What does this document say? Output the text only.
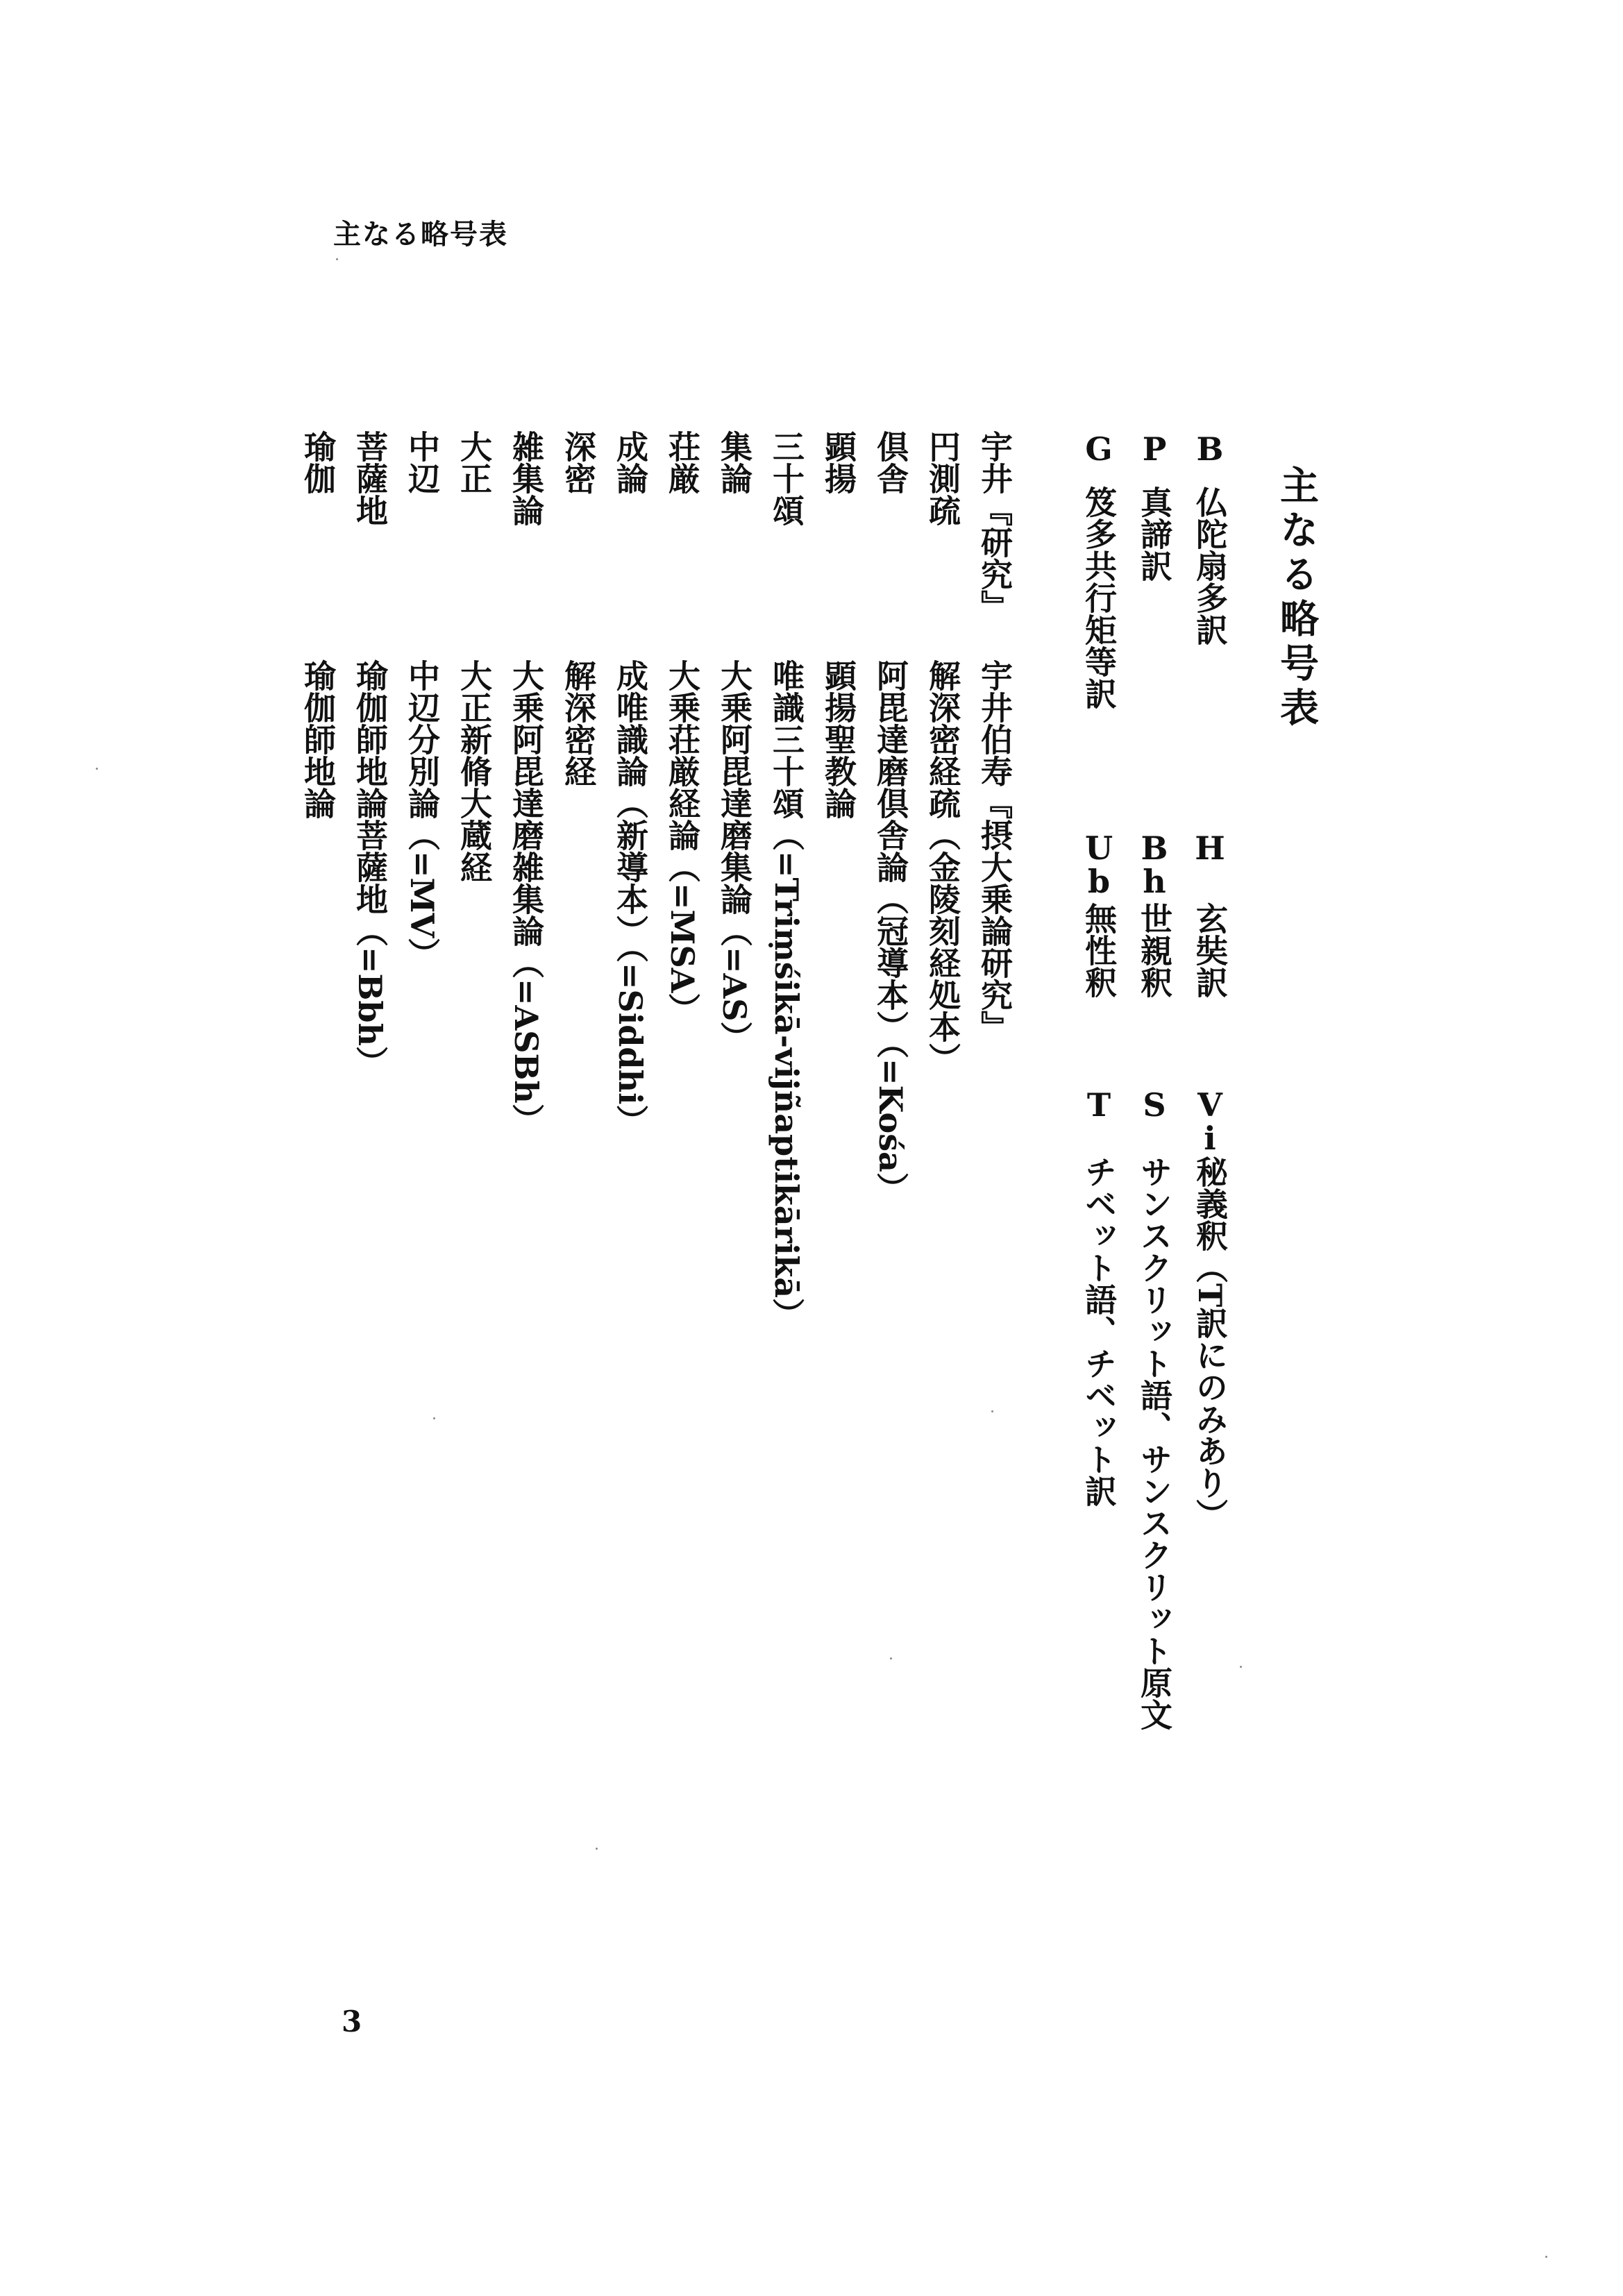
主なる略号表
主なる略号表
B
仏陀扇多訳
H
玄奘訳
Vi
秘義釈（T訳にのみあり）
P
真諦訳
Bh
世親釈
S
サンスクリット語、サンスクリット原文
G
笈多共行矩等訳
Ub
無性釈
T
チベット語、チベット訳
宇井『研究』
宇井伯寿『摂大乗論研究』
円測疏
解深密経疏（金陵刻経処本）
倶舎
阿毘達磨倶舎論（冠導本）（=Kośa）
顕揚
顕揚聖教論
三十頌
唯識三十頌（=Triṃśikā-vijñaptikārikā）
集論
大乗阿毘達磨集論（=AS）
荘厳
大乗荘厳経論（=MSA）
成論
成唯識論（新導本）（=Siddhi）
深密
解深密経
雑集論
大乗阿毘達磨雑集論（=ASBh）
大正
大正新脩大蔵経
中辺
中辺分別論（=MV）
菩薩地
瑜伽師地論菩薩地（=Bbh）
瑜伽
瑜伽師地論
3
